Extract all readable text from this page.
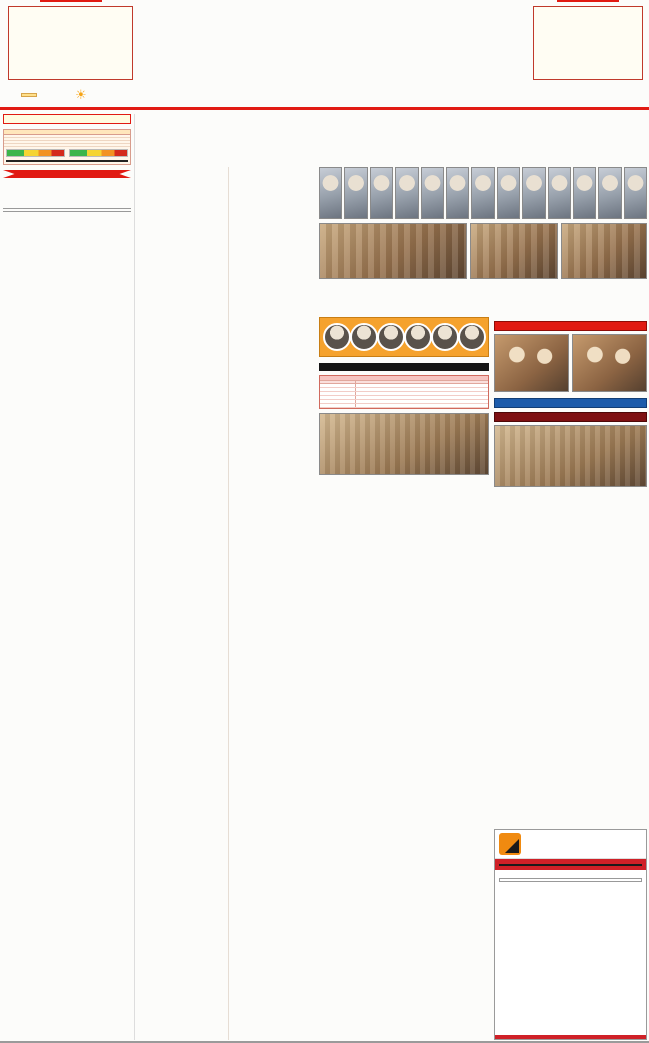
☀
